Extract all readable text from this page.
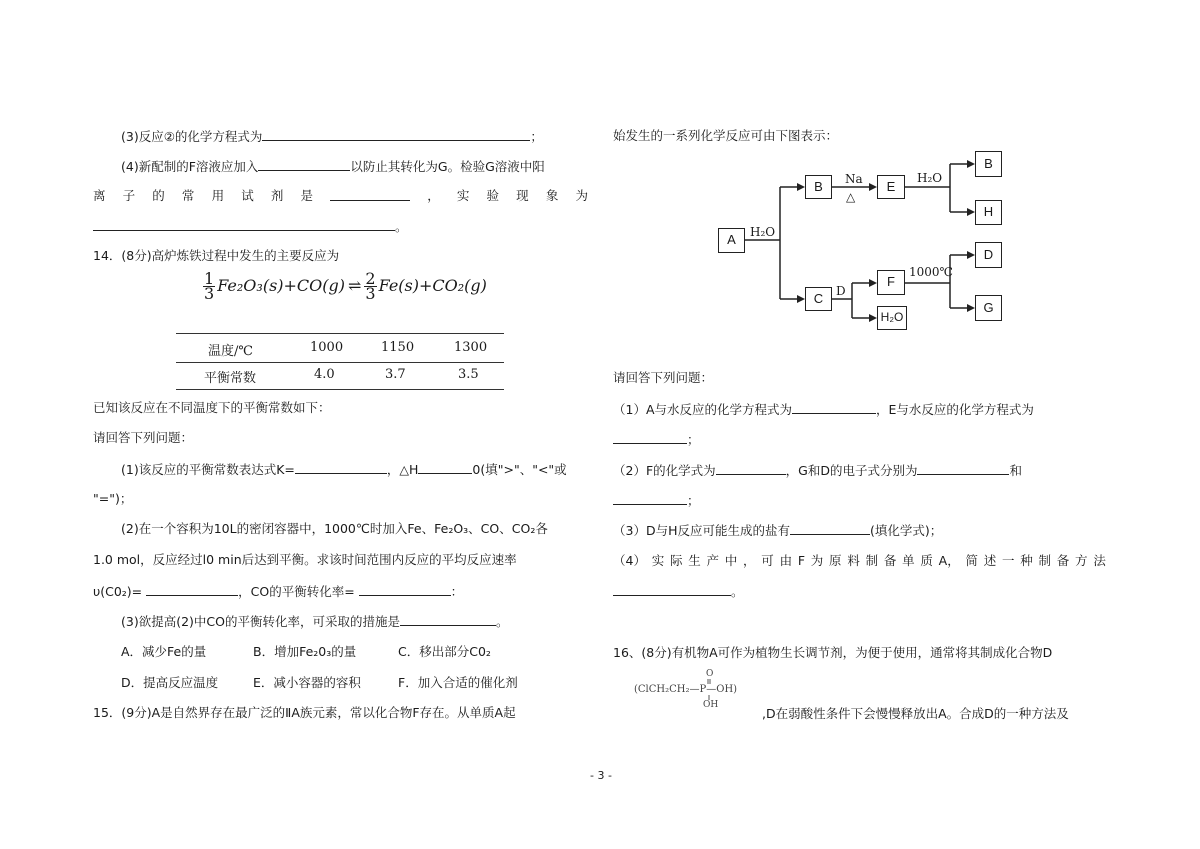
(3)反应②的化学方程式为	；
(4)新配制的F溶液应加入	以防止其转化为G。检验G溶液中阳
离 子 的 常 用 试 剂 是	， 实 验 现 象 为
。
14．(8分)高炉炼铁过程中发生的主要反应为
$\frac{1}{3} Fe_2O_3(s)+CO(g)$ ⇌ $\frac{2}{3} Fe(s)+CO_2(g)$
温度/℃	1000	1150	1300
平衡常数	4.0	3.7	3.5
已知该反应在不同温度下的平衡常数如下：
请回答下列问题：
(1)该反应的平衡常数表达式K=	，△H	0(填">"、"<"或
"=")；
(2)在一个容积为10L的密闭容器中，1000℃时加入Fe、Fe₂O₃、CO、CO₂各
1.0 mol，反应经过l0 min后达到平衡。求该时间范围内反应的平均反应速率
υ(C0₂)=	，CO的平衡转化率=	：
(3)欲提高(2)中CO的平衡转化率，可采取的措施是	。
A．减少Fe的量	B．增加Fe₂0₃的量	C．移出部分C0₂
D．提高反应温度	E．减小容器的容积	F．加入合适的催化剂
15．(9分)A是自然界存在最广泛的ⅡA族元素，常以化合物F存在。从单质A起
始发生的一系列化学反应可由下图表示：
A
B	E
B
H
C
F
H₂O
D
G
H₂O
Na
△
H₂O
D
1000℃
请回答下列问题：
（1）A与水反应的化学方程式为	，E与水反应的化学方程式为
；
（2）F的化学式为	，G和D的电子式分别为	和
；
（3）D与H反应可能生成的盐有	(填化学式)；
（4） 实 际 生 产 中 ， 可 由 F 为 原 料 制 备 单 质 A， 简 述 一 种 制 备 方 法
。
16、(8分)有机物A可作为植物生长调节剂，为便于使用，通常将其制成化合物D
O
(ClCH₂CH₂—P—OH)
OH
,D在弱酸性条件下会慢慢释放出A。合成D的一种方法及
- 3 -
